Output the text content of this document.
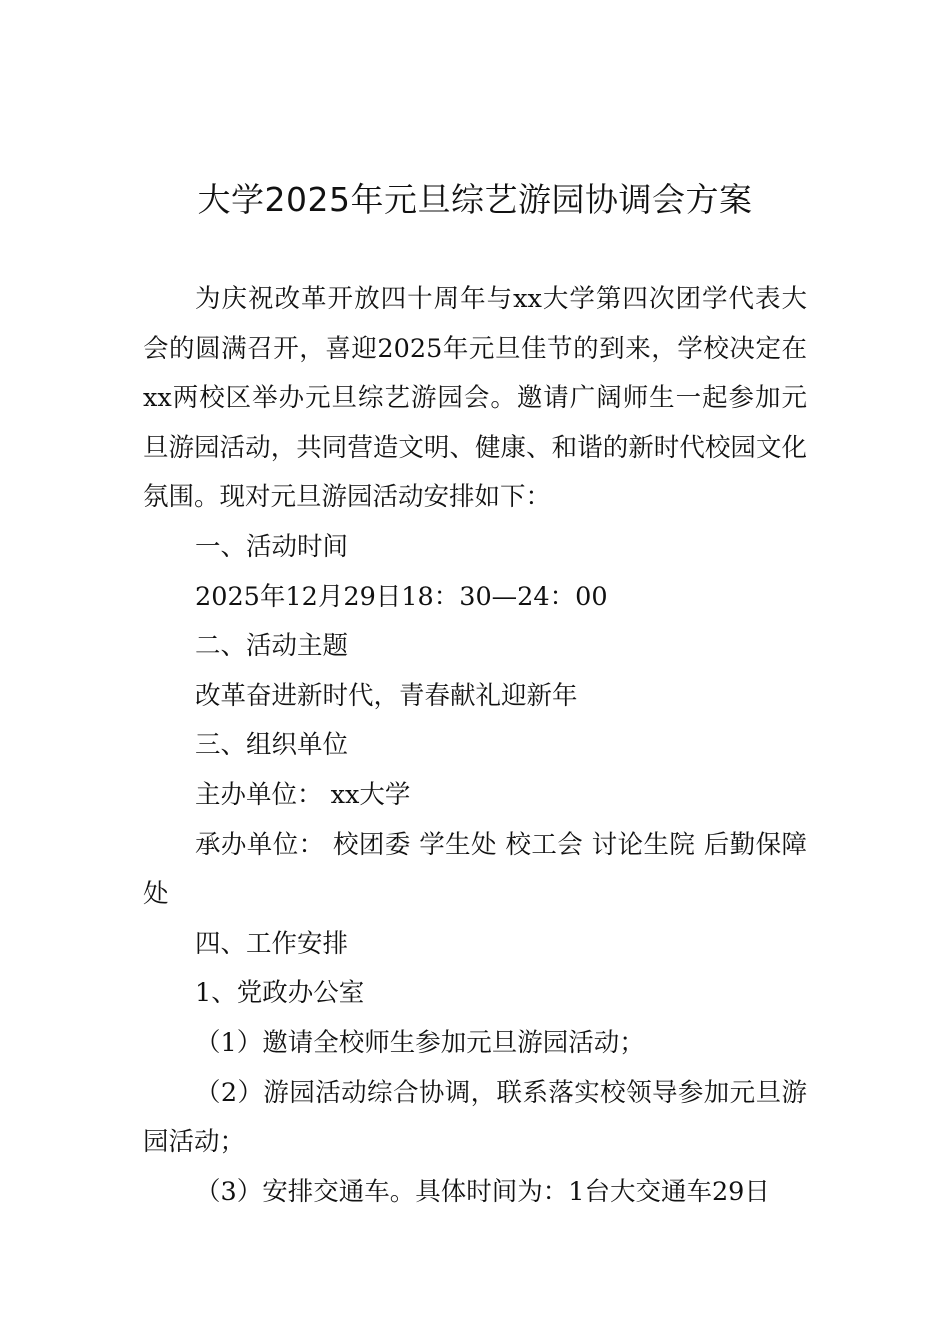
大学2025年元旦综艺游园协调会方案

为庆祝改革开放四十周年与xx大学第四次团学代表大会的圆满召开，喜迎2025年元旦佳节的到来，学校决定在xx两校区举办元旦综艺游园会。邀请广阔师生一起参加元旦游园活动，共同营造文明、健康、和谐的新时代校园文化氛围。现对元旦游园活动安排如下：

一、活动时间

2025年12月29日18：30—24：00

二、活动主题

改革奋进新时代，青春献礼迎新年

三、组织单位

主办单位： xx大学

承办单位： 校团委 学生处 校工会 讨论生院 后勤保障处

四、工作安排

1、党政办公室

（1）邀请全校师生参加元旦游园活动；

（2）游园活动综合协调，联系落实校领导参加元旦游园活动；

（3）安排交通车。具体时间为：1台大交通车29日
